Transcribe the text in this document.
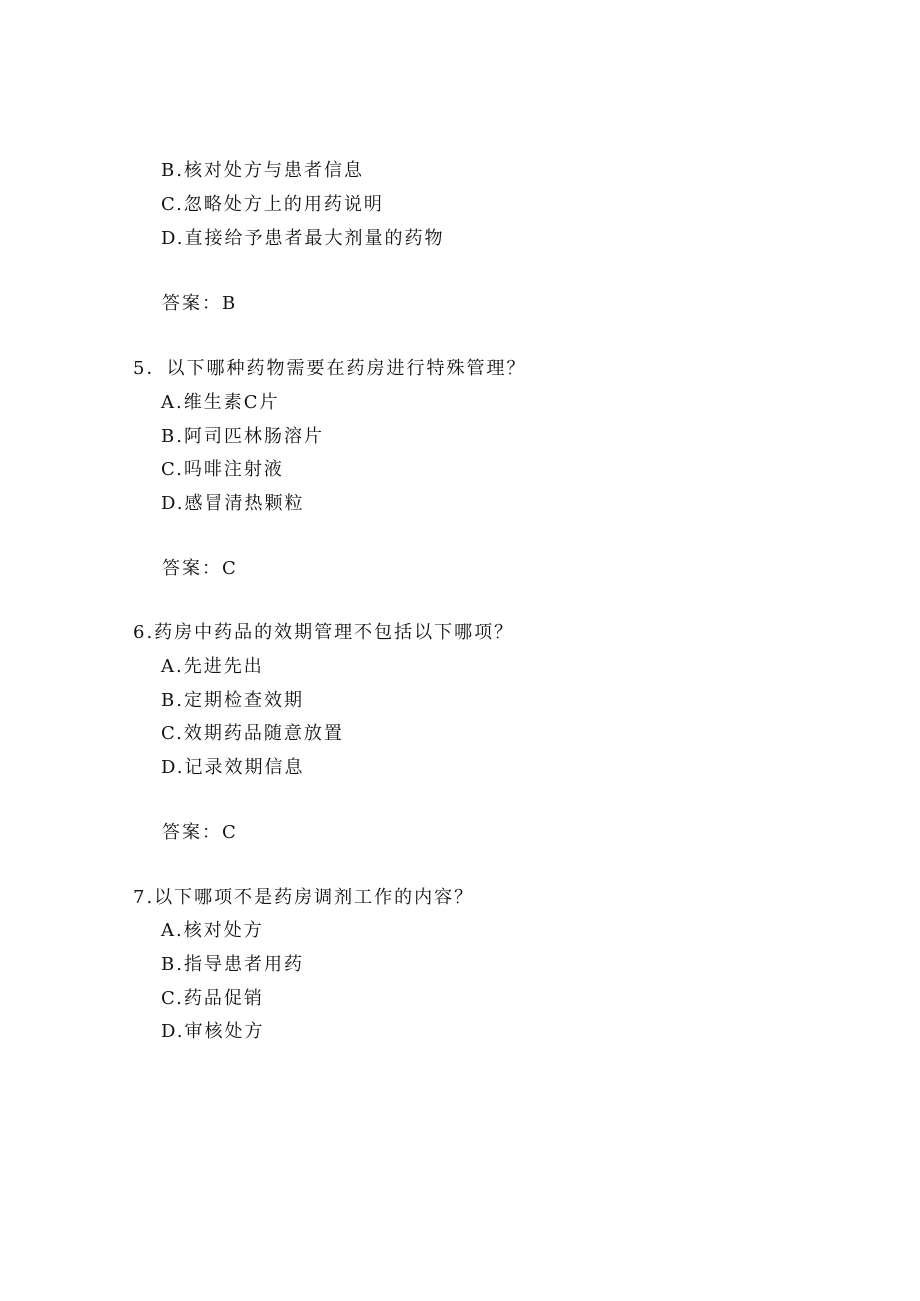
B.核对处方与患者信息
C.忽略处方上的用药说明
D.直接给予患者最大剂量的药物
答案：B
5．以下哪种药物需要在药房进行特殊管理？
A.维生素C片
B.阿司匹林肠溶片
C.吗啡注射液
D.感冒清热颗粒
答案：C
6.药房中药品的效期管理不包括以下哪项？
A.先进先出
B.定期检查效期
C.效期药品随意放置
D.记录效期信息
答案：C
7.以下哪项不是药房调剂工作的内容？
A.核对处方
B.指导患者用药
C.药品促销
D.审核处方
